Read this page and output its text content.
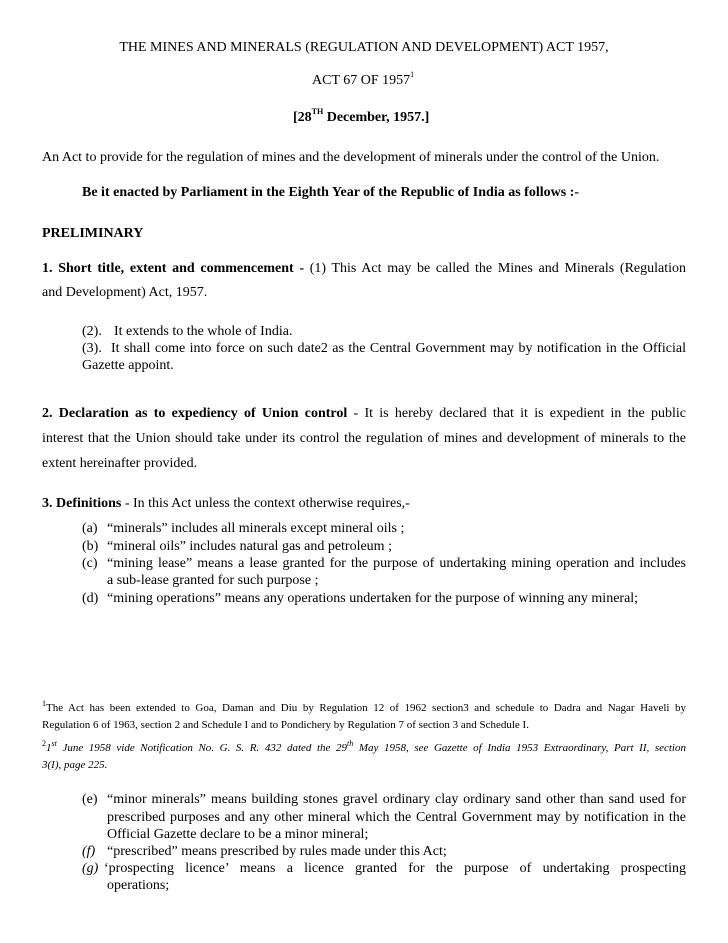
THE MINES AND MINERALS (REGULATION AND DEVELOPMENT) ACT 1957,
ACT 67 OF 1957$^1$
[28TH December, 1957.]
An Act to provide for the regulation of mines and the development of minerals under the control of the Union.
Be it enacted by Parliament in the Eighth Year of the Republic of India as follows :-
PRELIMINARY
1. Short title, extent and commencement - (1) This Act may be called the Mines and Minerals (Regulation
and Development) Act, 1957.
(2). It extends to the whole of India.
(3). It shall come into force on such date2 as the Central Government may by notification in the Official
Gazette appoint.
2. Declaration as to expediency of Union control - It is hereby declared that it is expedient in the public
interest that the Union should take under its control the regulation of mines and development of minerals to the
extent hereinafter provided.
3. Definitions - In this Act unless the context otherwise requires,-
(a) “minerals” includes all minerals except mineral oils ;
(b) “mineral oils” includes natural gas and petroleum ;
(c) “mining lease” means a lease granted for the purpose of undertaking mining operation and includes
a sub-lease granted for such purpose ;
(d) “mining operations” means any operations undertaken for the purpose of winning any mineral;
$^1$The Act has been extended to Goa, Daman and Diu by Regulation 12 of 1962 section3 and schedule to Dadra and Nagar Haveli by
Regulation 6 of 1963, section 2 and Schedule I and to Pondichery by Regulation 7 of section 3 and Schedule I.
$^2$1st June 1958 vide Notification No. G. S. R. 432 dated the 29th May 1958, see Gazette of India 1953 Extraordinary, Part II, section
3(I), page 225.
(e) “minor minerals” means building stones gravel ordinary clay ordinary sand other than sand used for
prescribed purposes and any other mineral which the Central Government may by notification in the
Official Gazette declare to be a minor mineral;
(f) “prescribed” means prescribed by rules made under this Act;
(g) ‘prospecting licence’ means a licence granted for the purpose of undertaking prospecting
operations;
